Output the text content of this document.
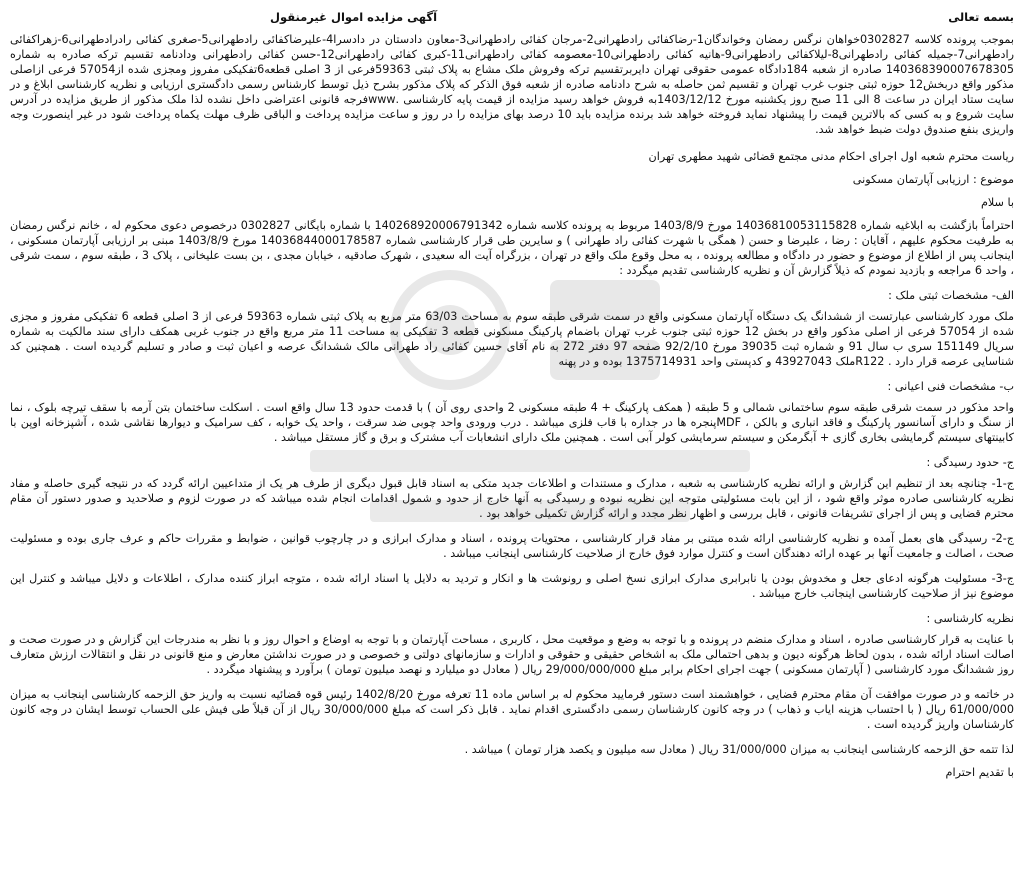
بسمه تعالی
آگهی مزایده اموال غیرمنقول

بموجب پرونده کلاسه 0302827خواهان نرگس رمضان وخواندگان1-رضاکفائی رادطهرانی2-مرجان کفائی رادطهرانی3-معاون دادستان در دادسرا4-علیرضاکفائی رادطهرانی5-صغری کفائی رادرادطهرانی6-زهراکفائی رادطهرانی7-جمیله کفائی رادطهرانی8-لیلاکفائی رادطهرانی9-هانیه کفائی رادطهرانی10-معصومه کفائی رادطهرانی11-کبری کفائی رادطهرانی12-حسن کفائی رادطهرانی ودادنامه تقسیم ترکه صادره به شماره 140368390007678305 صادره از شعبه 184دادگاه عمومی حقوقی تهران دایربرتقسیم ترکه وفروش ملک مشاع به پلاک ثبتی 59363فرعی از 3 اصلی قطعه6تفکیکی مفروز ومجزی شده از57054 فرعی ازاصلی مذکور واقع دربخش12 حوزه ثبتی جنوب غرب تهران و تقسیم ثمن حاصله به شرح دادنامه صادره از شعبه فوق الذکر که پلاک مذکور بشرح ذیل توسط کارشناس رسمی دادگستری ارزیابی و نظریه کارشناسی ابلاغ و در سایت ستاد ایران در ساعت 8 الی 11 صبح روز یکشنبه مورخ 1403/12/12به فروش خواهد رسید مزایده از قیمت پایه کارشناسی .wwwفرجه قانونی اعتراضی داخل نشده لذا ملک مذکور از طریق مزایده در آدرس سایت شروع و به کسی که بالاترین قیمت را پیشنهاد نماید فروخته خواهد شد برنده مزایده باید 10 درصد بهای مزایده را در روز و ساعت مزایده پرداخت و الباقی ظرف مهلت یکماه پرداخت شود در غیر اینصورت وجه واریزی بنفع صندوق دولت ضبط خواهد شد.

ریاست محترم شعبه اول اجرای احکام مدنی مجتمع قضائی شهید مطهری تهران

موضوع : ارزیابی آپارتمان مسکونی

با سلام

احتراماً بازگشت به ابلاغیه شماره 14036810053115828 مورخ 1403/8/9 مربوط به پرونده کلاسه شماره 140268920006791342 با شماره بایگانی 0302827 درخصوص دعوی محکوم له ، خانم نرگس رمضان به طرفیت محکوم علیهم ، آقایان : رضا ، علیرضا و حسن ( همگی با شهرت کفائی راد طهرانی ) و سایرین طی قرار کارشناسی شماره 14036844000178587 مورخ 1403/8/9 مبنی بر ارزیابی آپارتمان مسکونی ، اینجانب پس از اطلاع از موضوع و حضور در دادگاه و مطالعه پرونده ، به محل وقوع ملک واقع در تهران ، بزرگراه آیت اله سعیدی ، شهرک صادقیه ، خیابان مجدی ، بن بست علیخانی ، پلاک 3 ، طبقه سوم ، سمت شرقی ، واحد 6 مراجعه و بازدید نمودم که ذیلاً گزارش آن و نظریه کارشناسی تقدیم میگردد :

الف- مشخصات ثبتی ملک :

ملک مورد کارشناسی عبارتست از ششدانگ یک دستگاه آپارتمان مسکونی واقع در سمت شرقی طبقه سوم به مساحت 63/03 متر مربع به پلاک ثبتی شماره 59363 فرعی از 3 اصلی قطعه 6 تفکیکی مفروز و مجزی شده از 57054 فرعی از اصلی مذکور واقع در بخش 12 حوزه ثبتی جنوب غرب تهران باضمام پارکینگ مسکونی قطعه 3 تفکیکی به مساحت 11 متر مربع واقع در جنوب غربی همکف دارای سند مالکیت به شماره سریال 151149 سری ب سال 91 و شماره ثبت 39035 مورخ 92/2/10 صفحه 97 دفتر 272 به نام آقای حسین کفائی راد طهرانی مالک ششدانگ عرصه و اعیان ثبت و صادر و تسلیم گردیده است . همچنین کد شناسایی عرصه قرار دارد . R122ملک 43927043 و کدپستی واحد 1375714931 بوده و در پهنه

ب- مشخصات فنی اعیانی :

واحد مذکور در سمت شرقی طبقه سوم ساختمانی شمالی و 5 طبقه ( همکف پارکینگ + 4 طبقه مسکونی 2 واحدی روی آن ) با قدمت حدود 13 سال واقع است . اسکلت ساختمان بتن آرمه با سقف تیرچه بلوک ، نما از سنگ و دارای آسانسور پارکینگ و فاقد انباری و بالکن ، MDFپنجره ها در جداره با قاب فلزی میباشد . درب ورودی واحد چوبی ضد سرقت ، واحد یک خوابه ، کف سرامیک و دیوارها نقاشی شده ، آشپزخانه اوپن با کابینتهای سیستم گرمایشی بخاری گازی + آبگرمکن و سیستم سرمایشی کولر آبی است . همچنین ملک دارای انشعابات آب مشترک و برق و گاز مستقل میباشد .

ج- حدود رسیدگی :

ج-1- چنانچه بعد از تنظیم این گزارش و ارائه نظریه کارشناسی به شعبه ، مدارک و مستندات و اطلاعات جدید متکی به اسناد قابل قبول دیگری از طرف هر یک از متداعیین ارائه گردد که در نتیجه گیری حاصله و مفاد نظریه کارشناسی صادره موثر واقع شود ، از این بابت مسئولیتی متوجه این نظریه نبوده و رسیدگی به آنها خارج از حدود و شمول اقدامات انجام شده میباشد که در صورت لزوم و صلاحدید و صدور دستور آن مقام محترم قضایی و پس از اجرای تشریفات قانونی ، قابل بررسی و اظهار نظر مجدد و ارائه گزارش تکمیلی خواهد بود .

ج-2- رسیدگی های بعمل آمده و نظریه کارشناسی ارائه شده مبتنی بر مفاد قرار کارشناسی ، محتویات پرونده ، اسناد و مدارک ابرازی و در چارچوب قوانین ، ضوابط و مقررات حاکم و عرف جاری بوده و مسئولیت صحت ، اصالت و جامعیت آنها بر عهده ارائه دهندگان است و کنترل موارد فوق خارج از صلاحیت کارشناسی اینجانب میباشد .

ج-3- مسئولیت هرگونه ادعای جعل و مخدوش بودن یا نابرابری مدارک ابرازی نسخ اصلی و رونوشت ها و انکار و تردید به دلایل یا اسناد ارائه شده ، متوجه ابراز کننده مدارک ، اطلاعات و دلایل میباشد و کنترل این موضوع نیز از صلاحیت کارشناسی اینجانب خارج میباشد .

نظریه کارشناسی :

با عنایت به قرار کارشناسی صادره ، اسناد و مدارک منضم در پرونده و با توجه به وضع و موقعیت محل ، کاربری ، مساحت آپارتمان و با توجه به اوضاع و احوال روز و با نظر به مندرجات این گزارش و در صورت صحت و اصالت اسناد ارائه شده ، بدون لحاظ هرگونه دیون و بدهی احتمالی ملک به اشخاص حقیقی و حقوقی و ادارات و سازمانهای دولتی و خصوصی و در صورت نداشتن معارض و منع قانونی در نقل و انتقالات ارزش متعارف روز ششدانگ مورد کارشناسی ( آپارتمان مسکونی ) جهت اجرای احکام برابر مبلغ 29/000/000/000 ریال ( معادل دو میلیارد و نهصد میلیون تومان ) برآورد و پیشنهاد میگردد .

در خاتمه و در صورت موافقت آن مقام محترم قضایی ، خواهشمند است دستور فرمایید محکوم له بر اساس ماده 11 تعرفه مورخ 1402/8/20 رئیس قوه قضائیه نسبت به واریز حق الزحمه کارشناسی اینجانب به میزان 61/000/000 ریال ( با احتساب هزینه ایاب و ذهاب ) در وجه کانون کارشناسان رسمی دادگستری اقدام نماید . قابل ذکر است که مبلغ 30/000/000 ریال از آن قبلاً طی فیش علی الحساب توسط ایشان در وجه کانون کارشناسان واریز گردیده است .

لذا تتمه حق الزحمه کارشناسی اینجانب به میزان 31/000/000 ریال ( معادل سه میلیون و یکصد هزار تومان ) میباشد .

با تقدیم احترام
